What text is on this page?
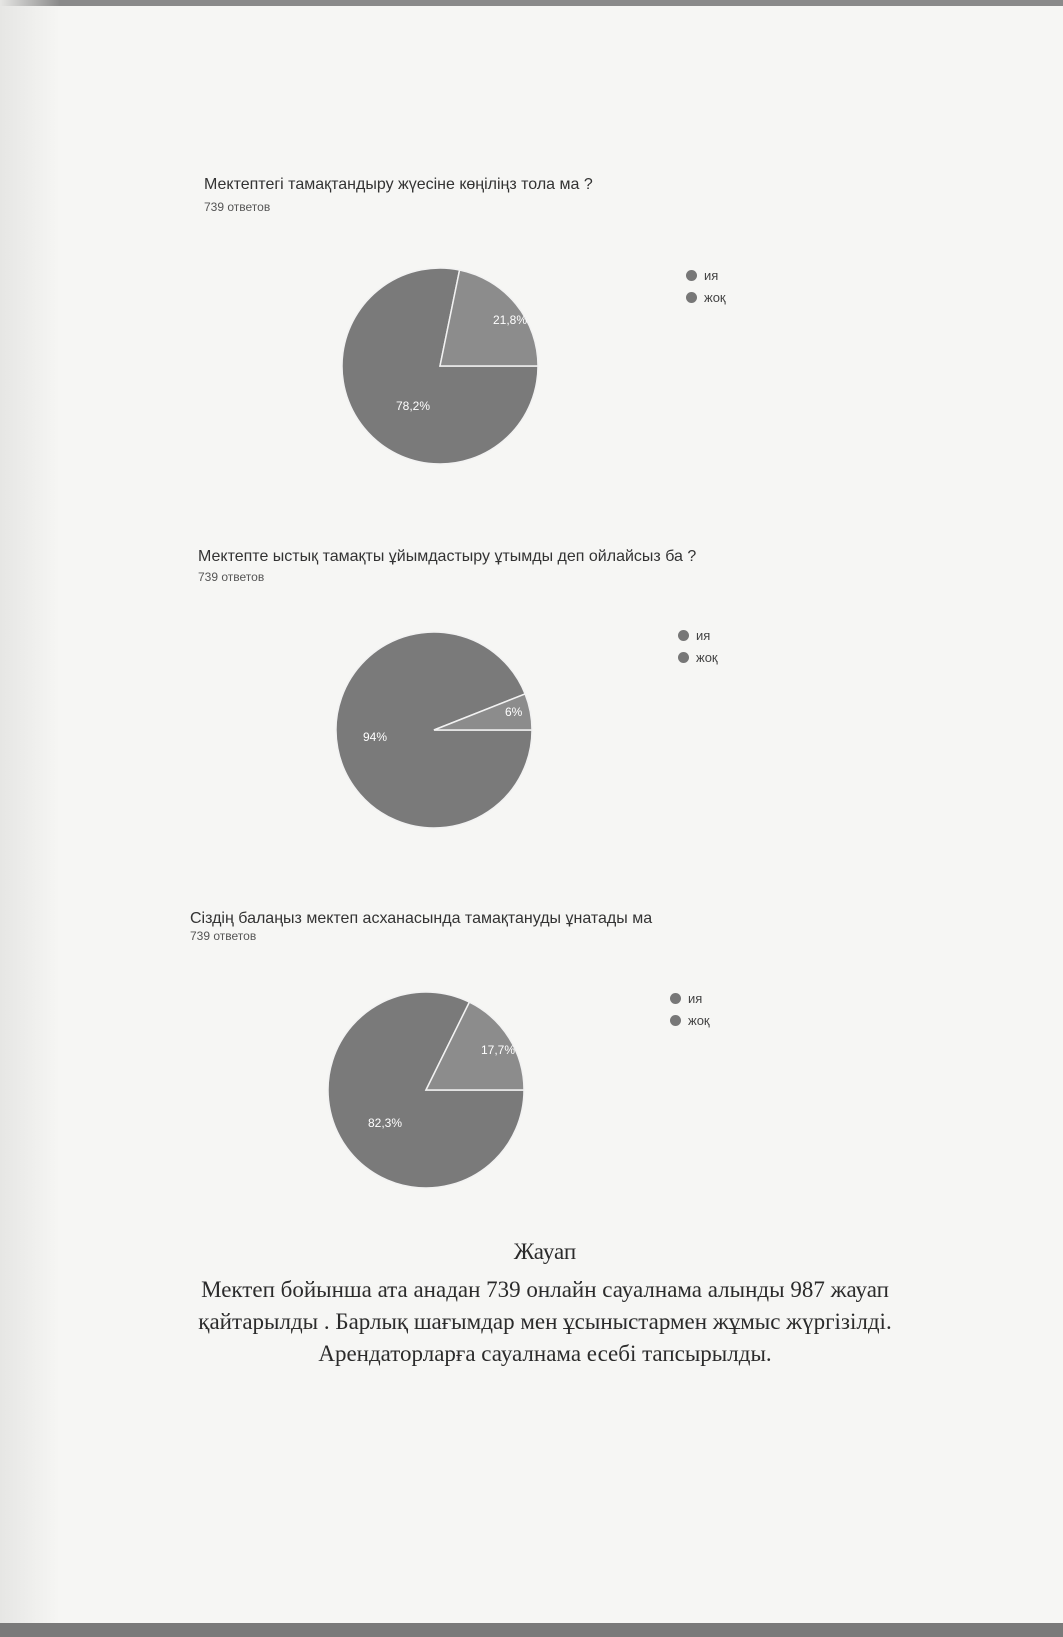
Мектептегі тамақтандыру жүесіне көңіліңз тола ма ?
739 ответов
78,2%
21,8%
ия
жоқ
Мектепте ыстық тамақты ұйымдастыру ұтымды деп ойлайсыз ба ?
739 ответов
94%
6%
ия
жоқ
Сіздің балаңыз мектеп асханасында тамақтануды ұнатады ма
739 ответов
82,3%
17,7%
ия
жоқ
Жауап
Мектеп бойынша ата анадан 739 онлайн сауалнама алынды 987 жауап
қайтарылды . Барлық шағымдар мен ұсыныстармен жұмыс жүргізілді.
Арендаторларға сауалнама есебі тапсырылды.
